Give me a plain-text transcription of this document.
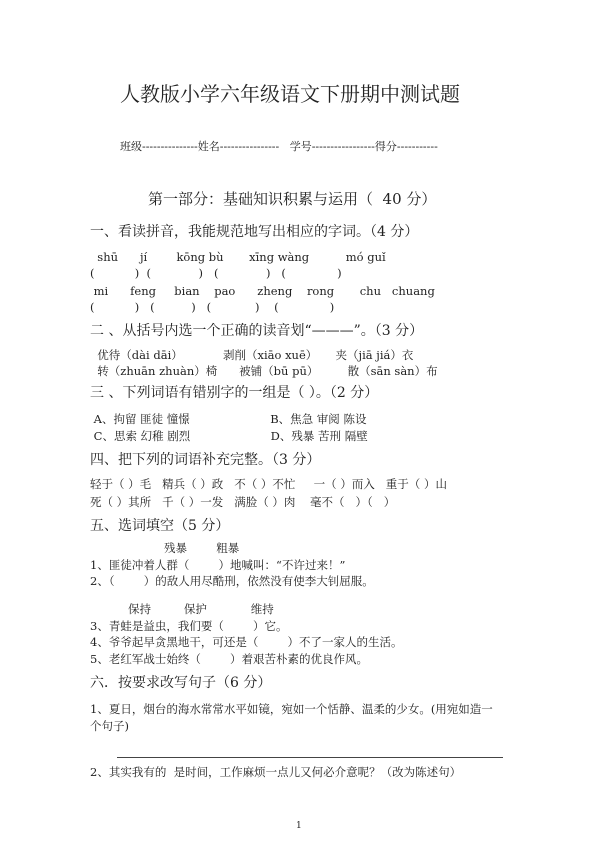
人教版小学六年级语文下册期中测试题
班级---------------姓名----------------   学号-----------------得分-----------
第一部分：基础知识积累与运用（  40 分）
一、看读拼音，我能规范地写出相应的字词。（4 分）
shū      jí        kōng bù       xīng wàng          mó guǐ
(           )  (             )   (             )   (              )
mi      feng     bian    pao      zheng    rong       chu   chuang
(           )   (          )   (            )    (              )
二 、从括号内选一个正确的读音划“———”。（3 分）
优待（dài dāi）           剥削（xiāo xuē）     夹（jiā jiá）衣
转（zhuān zhuàn）椅      被铺（bū pū）        散（sān sàn）布
三 、下列词语有错别字的一组是（ ）。（2 分）
A、拘留 匪徒 憧憬                      B、焦急 审阅 陈设
C、思索 幻稚 剧烈                      D、残暴 苦刑 隔壁
四、把下列的词语补充完整。（3 分）
轻于（ ）毛   精兵（ ）政   不（ ）不忙     一（ ）而入   重于（ ）山
死（ ）其所   千（ ）一发   满脸（ ）肉    毫不（   ）（   ）
五、选词填空（5 分）
残暴        粗暴
1、匪徒冲着人群（        ）地喊叫：“不许过来！”
2、（        ）的敌人用尽酷刑，依然没有使李大钊屈服。
保持         保护            维持
3、青蛙是益虫，我们要（        ）它。
4、爷爷起早贪黑地干，可还是（        ）不了一家人的生活。
5、老红军战士始终（        ）着艰苦朴素的优良作风。
六．按要求改写句子（6 分）
1、夏日，烟台的海水常常水平如镜，宛如一个恬静、温柔的少女。(用宛如造一
个句子)
2、其实我有的  是时间，工作麻烦一点儿又何必介意呢？（改为陈述句）
1
